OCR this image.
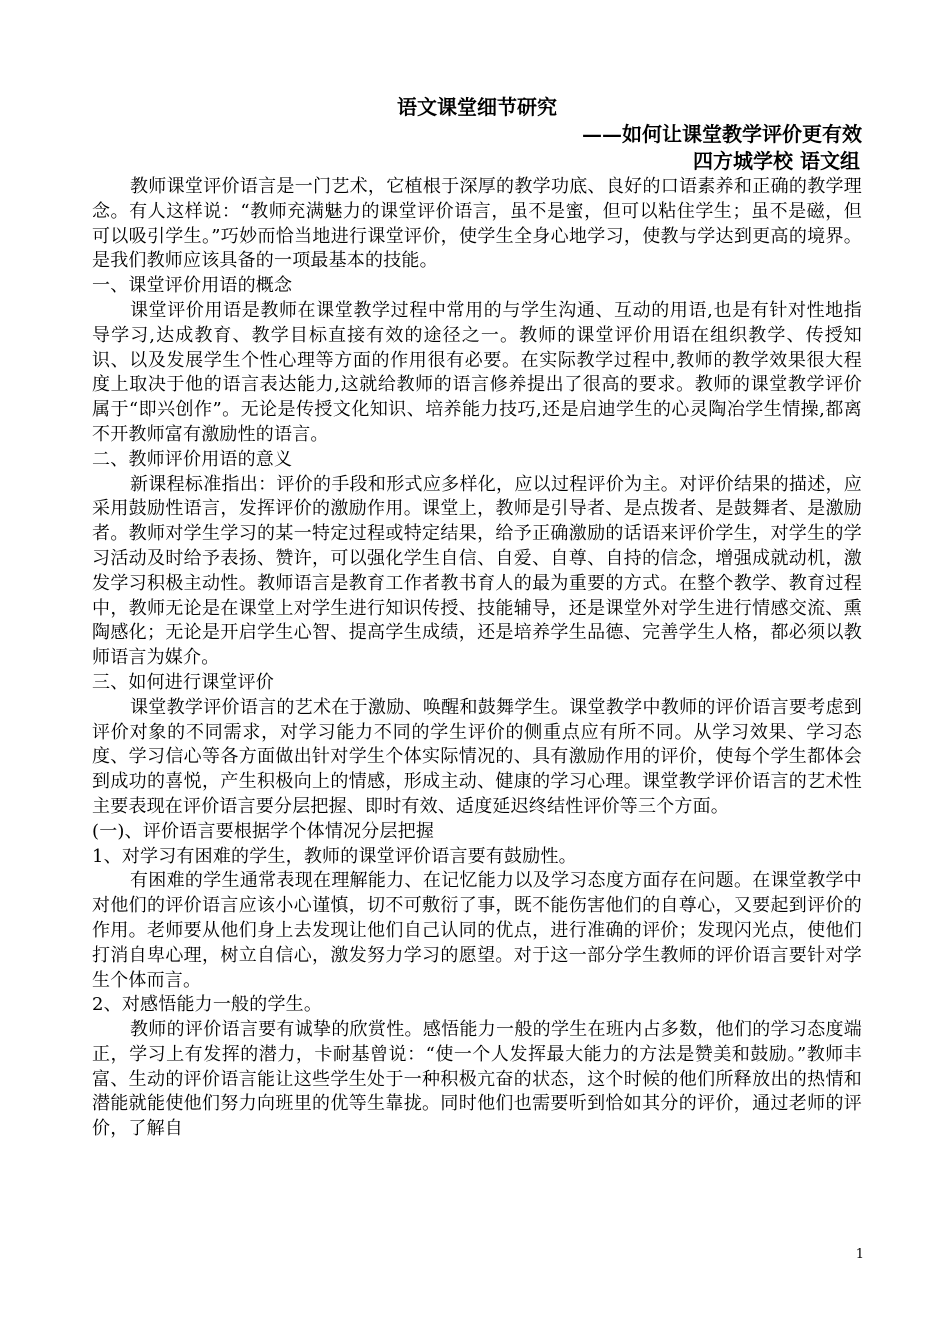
语文课堂细节研究
——如何让课堂教学评价更有效
四方城学校 语文组

教师课堂评价语言是一门艺术，它植根于深厚的教学功底、良好的口语素养和正确的教学理念。有人这样说：“教师充满魅力的课堂评价语言，虽不是蜜，但可以粘住学生；虽不是磁，但可以吸引学生。”巧妙而恰当地进行课堂评价，使学生全身心地学习，使教与学达到更高的境界。是我们教师应该具备的一项最基本的技能。

一、课堂评价用语的概念

课堂评价用语是教师在课堂教学过程中常用的与学生沟通、互动的用语,也是有针对性地指导学习,达成教育、教学目标直接有效的途径之一。教师的课堂评价用语在组织教学、传授知识、以及发展学生个性心理等方面的作用很有必要。在实际教学过程中,教师的教学效果很大程度上取决于他的语言表达能力,这就给教师的语言修养提出了很高的要求。教师的课堂教学评价属于“即兴创作”。无论是传授文化知识、培养能力技巧,还是启迪学生的心灵陶冶学生情操,都离不开教师富有激励性的语言。

二、教师评价用语的意义

新课程标准指出：评价的手段和形式应多样化，应以过程评价为主。对评价结果的描述，应采用鼓励性语言，发挥评价的激励作用。课堂上，教师是引导者、是点拨者、是鼓舞者、是激励者。教师对学生学习的某一特定过程或特定结果，给予正确激励的话语来评价学生，对学生的学习活动及时给予表扬、赞许，可以强化学生自信、自爱、自尊、自持的信念，增强成就动机，激发学习积极主动性。教师语言是教育工作者教书育人的最为重要的方式。在整个教学、教育过程中，教师无论是在课堂上对学生进行知识传授、技能辅导，还是课堂外对学生进行情感交流、熏陶感化；无论是开启学生心智、提高学生成绩，还是培养学生品德、完善学生人格，都必须以教师语言为媒介。

三、如何进行课堂评价

课堂教学评价语言的艺术在于激励、唤醒和鼓舞学生。课堂教学中教师的评价语言要考虑到评价对象的不同需求，对学习能力不同的学生评价的侧重点应有所不同。从学习效果、学习态度、学习信心等各方面做出针对学生个体实际情况的、具有激励作用的评价，使每个学生都体会到成功的喜悦，产生积极向上的情感，形成主动、健康的学习心理。课堂教学评价语言的艺术性主要表现在评价语言要分层把握、即时有效、适度延迟终结性评价等三个方面。

(一)、评价语言要根据学个体情况分层把握

1、对学习有困难的学生，教师的课堂评价语言要有鼓励性。

有困难的学生通常表现在理解能力、在记忆能力以及学习态度方面存在问题。在课堂教学中对他们的评价语言应该小心谨慎，切不可敷衍了事，既不能伤害他们的自尊心，又要起到评价的作用。老师要从他们身上去发现让他们自己认同的优点，进行准确的评价；发现闪光点，使他们打消自卑心理，树立自信心，激发努力学习的愿望。对于这一部分学生教师的评价语言要针对学生个体而言。

2、对感悟能力一般的学生。

教师的评价语言要有诚挚的欣赏性。感悟能力一般的学生在班内占多数，他们的学习态度端正，学习上有发挥的潜力，卡耐基曾说：“使一个人发挥最大能力的方法是赞美和鼓励。”教师丰富、生动的评价语言能让这些学生处于一种积极亢奋的状态，这个时候的他们所释放出的热情和潜能就能使他们努力向班里的优等生靠拢。同时他们也需要听到恰如其分的评价，通过老师的评价，了解自

1
